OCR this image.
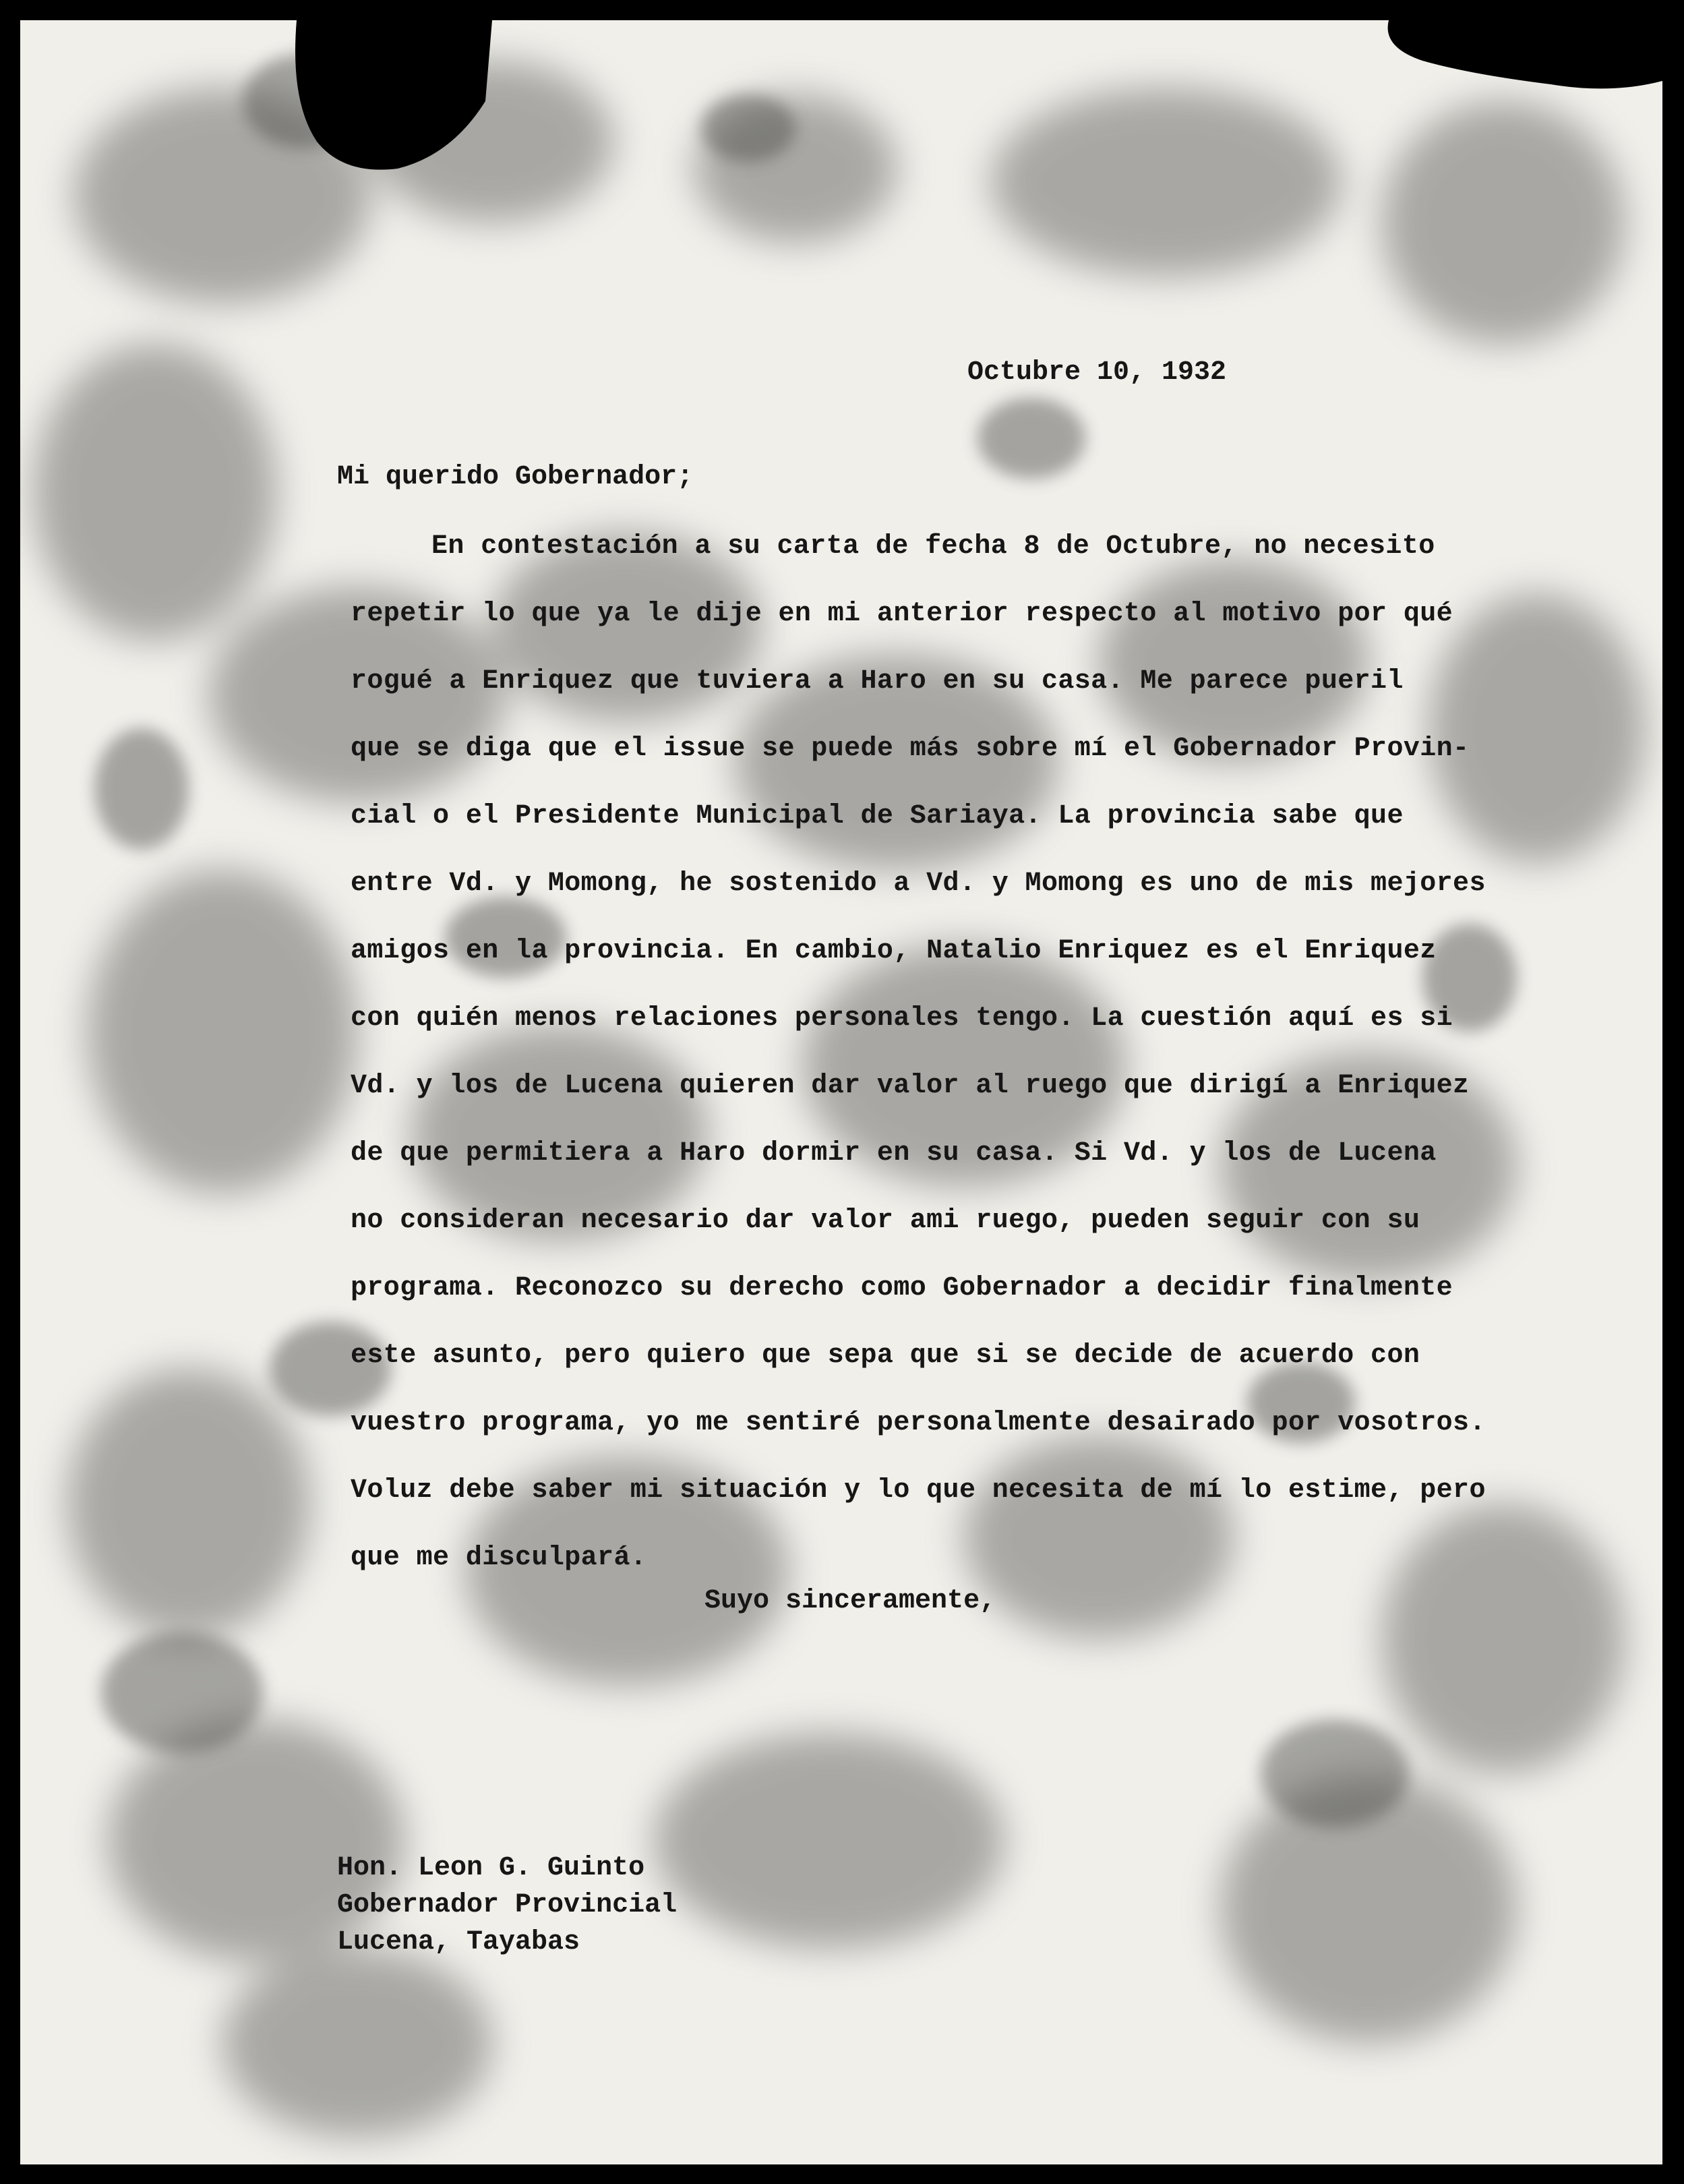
Octubre 10, 1932
Mi querido Gobernador;
En contestación a su carta de fecha 8 de Octubre, no necesito
repetir lo que ya le dije en mi anterior respecto al motivo por qué
rogué a Enriquez que tuviera a Haro en su casa. Me parece pueril
que se diga que el issue se puede más sobre mí el Gobernador Provin-
cial o el Presidente Municipal de Sariaya. La provincia sabe que
entre Vd. y Momong, he sostenido a Vd. y Momong es uno de mis mejores
amigos en la provincia. En cambio, Natalio Enriquez es el Enriquez
con quién menos relaciones personales tengo. La cuestión aquí es si
Vd. y los de Lucena quieren dar valor al ruego que dirigí a Enriquez
de que permitiera a Haro dormir en su casa. Si Vd. y los de Lucena
no consideran necesario dar valor ami ruego, pueden seguir con su
programa. Reconozco su derecho como Gobernador a decidir finalmente
este asunto, pero quiero que sepa que si se decide de acuerdo con
vuestro programa, yo me sentiré personalmente desairado por vosotros.
Voluz debe saber mi situación y lo que necesita de mí lo estime, pero
que me disculpará.
Suyo sinceramente,
Hon. Leon G. Guinto
Gobernador Provincial
Lucena, Tayabas
